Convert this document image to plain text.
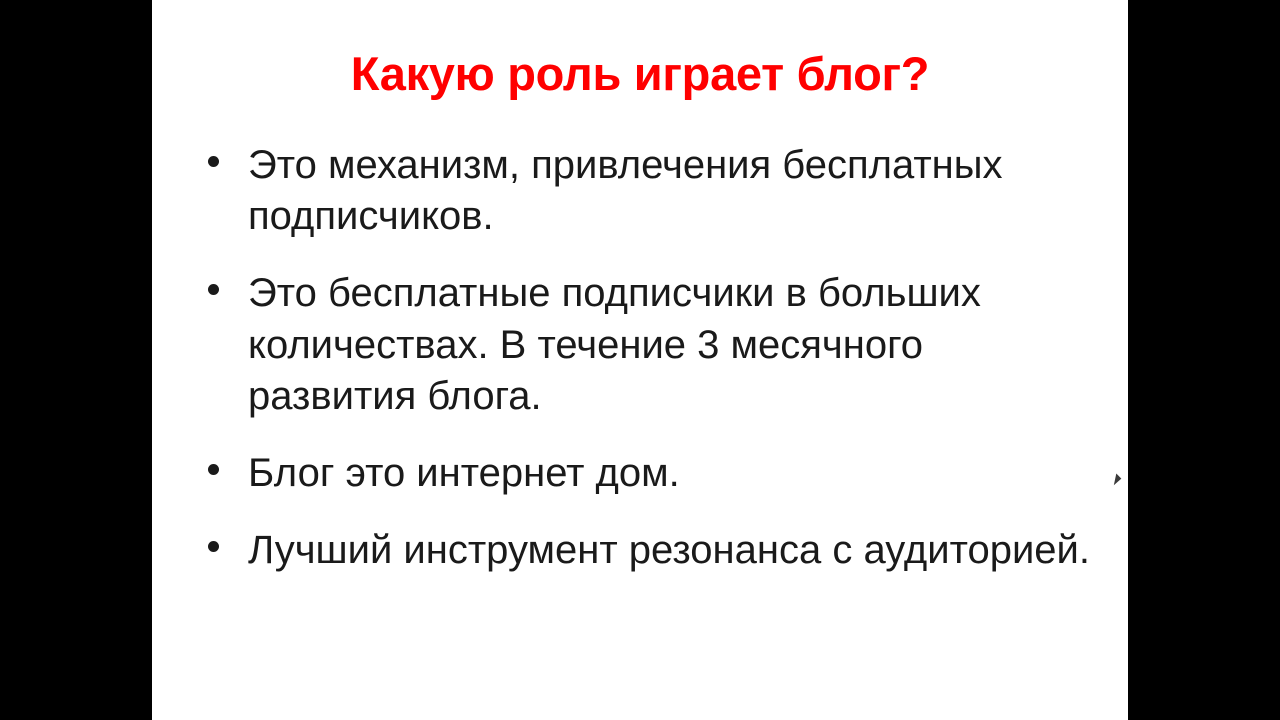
Какую роль играет блог?
Это механизм, привлечения бесплатных подписчиков.
Это бесплатные подписчики в больших количествах. В течение 3 месячного развития блога.
Блог это интернет дом.
Лучший инструмент резонанса с аудиторией.
